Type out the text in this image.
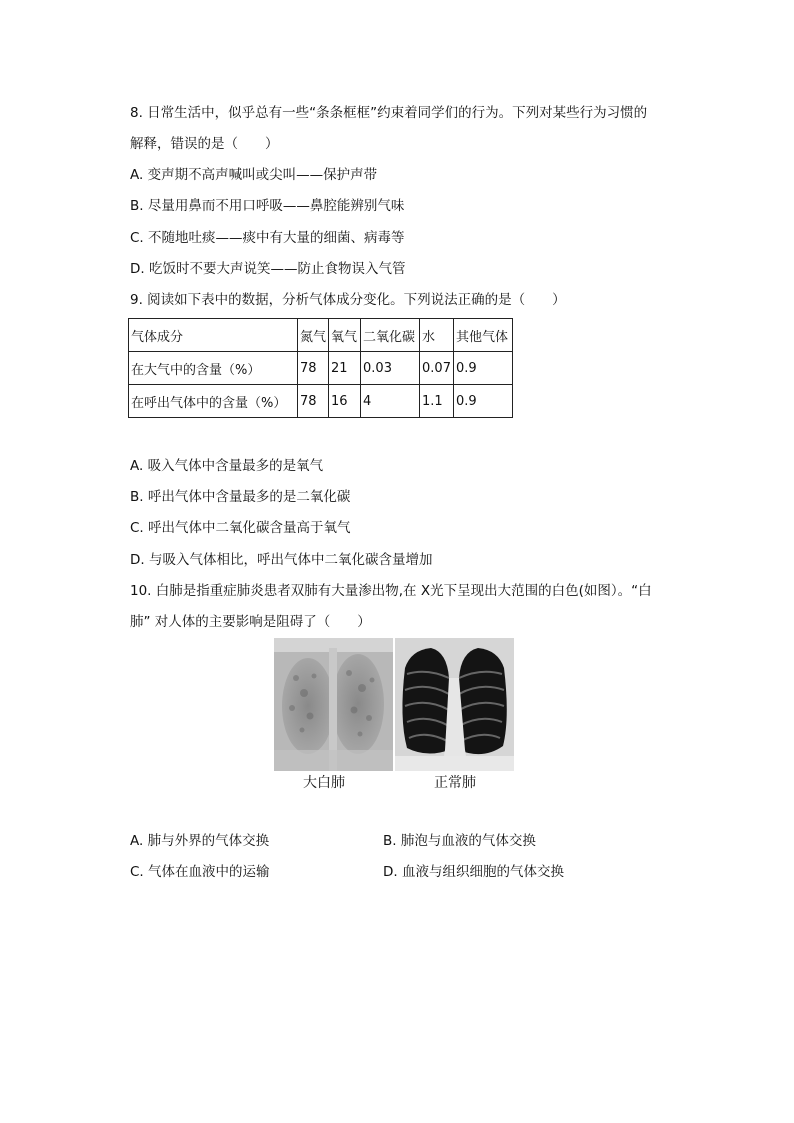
8. 日常生活中，似乎总有一些“条条框框”约束着同学们的行为。下列对某些行为习惯的
解释，错误的是（　　）
A. 变声期不高声喊叫或尖叫——保护声带
B. 尽量用鼻而不用口呼吸——鼻腔能辨别气味
C. 不随地吐痰——痰中有大量的细菌、病毒等
D. 吃饭时不要大声说笑——防止食物误入气管
9. 阅读如下表中的数据，分析气体成分变化。下列说法正确的是（　　）
气体成分	氮气	氧气	二氧化碳	水	其他气体
在大气中的含量（%）	78	21	0.03	0.07	0.9
在呼出气体中的含量（%）	78	16	4	1.1	0.9
A. 吸入气体中含量最多的是氧气
B. 呼出气体中含量最多的是二氧化碳
C. 呼出气体中二氧化碳含量高于氧气
D. 与吸入气体相比，呼出气体中二氧化碳含量增加
10. 白肺是指重症肺炎患者双肺有大量渗出物,在 X光下呈现出大范围的白色(如图）。“白
肺” 对人体的主要影响是阻碍了（　　）
大白肺	正常肺
A. 肺与外界的气体交换	B. 肺泡与血液的气体交换
C. 气体在血液中的运输	D. 血液与组织细胞的气体交换
